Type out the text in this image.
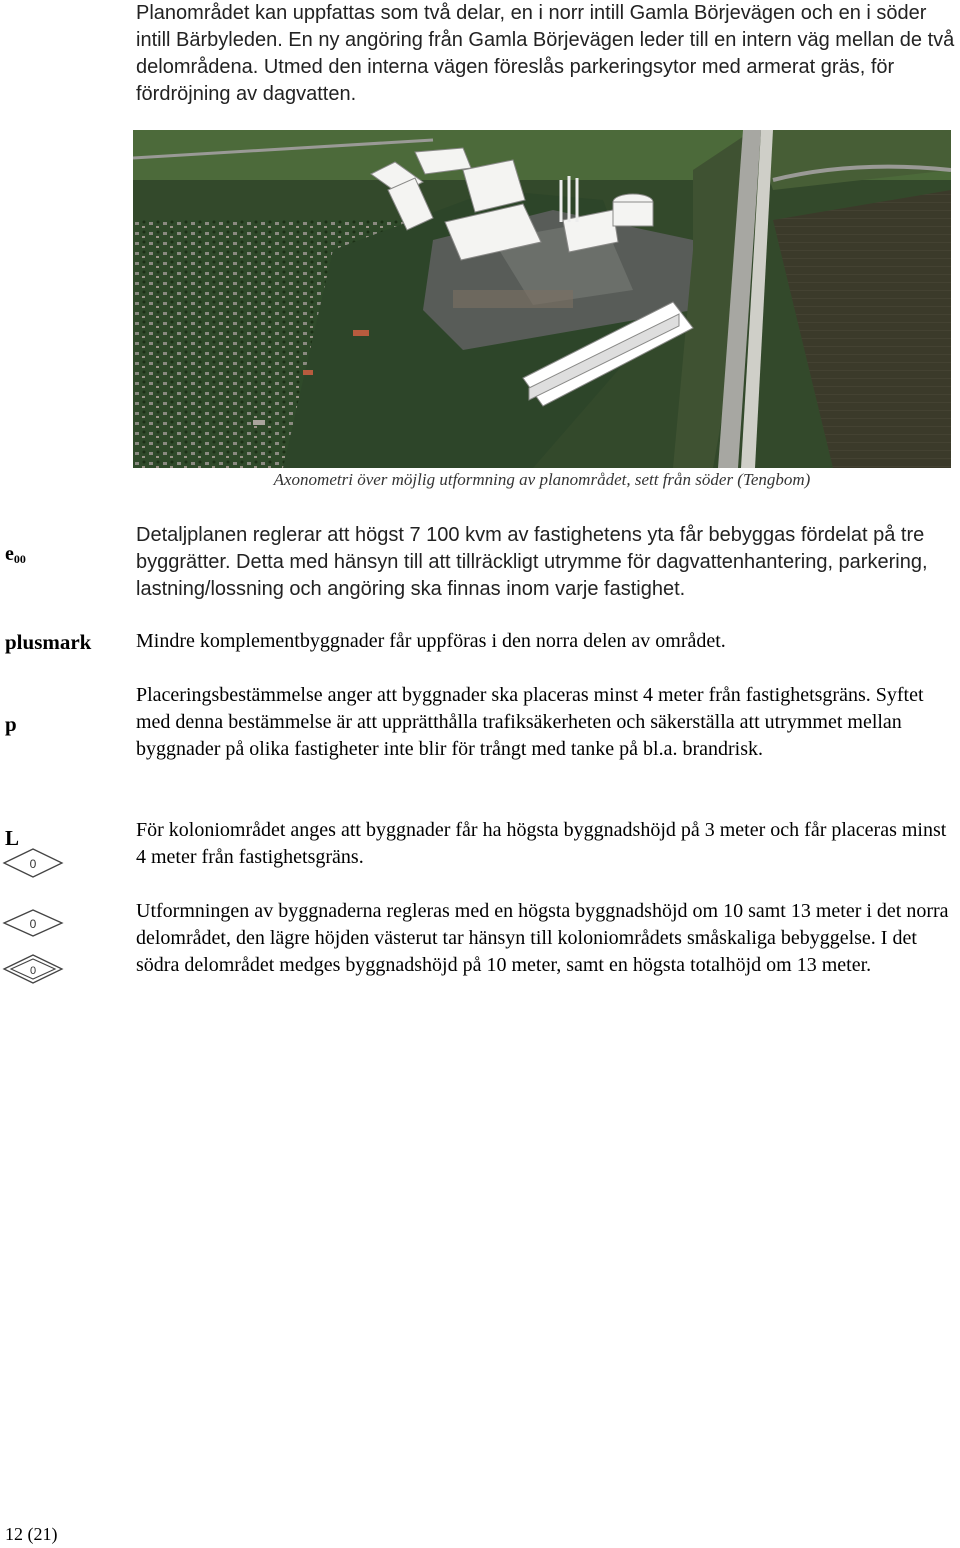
Planområdet kan uppfattas som två delar, en i norr intill Gamla Börjevägen och en i söder intill Bärbyleden. En ny angöring från Gamla Börjevägen leder till en intern väg mellan de två delområdena. Utmed den interna vägen föreslås parkeringsytor med armerat gräs, för fördröjning av dagvatten.

Axonometri över möjlig utformning av planområdet, sett från söder (Tengbom)

$e_{00}$

plusmark

p

L

0
0
0

Detaljplanen reglerar att högst 7 100 kvm av fastighetens yta får bebyggas fördelat på tre byggrätter. Detta med hänsyn till att tillräckligt utrymme för dagvattenhantering, parkering, lastning/lossning och angöring ska finnas inom varje fastighet.

Mindre komplementbyggnader får uppföras i den norra delen av området.

Placeringsbestämmelse anger att byggnader ska placeras minst 4 meter från fastighetsgräns. Syftet med denna bestämmelse är att upprätthålla trafiksäkerheten och säkerställa att utrymmet mellan byggnader på olika fastigheter inte blir för trångt med tanke på bl.a. brandrisk.

För koloniområdet anges att byggnader får ha högsta byggnadshöjd på 3 meter och får placeras minst 4 meter från fastighetsgräns.

Utformningen av byggnaderna regleras med en högsta byggnadshöjd om 10 samt 13 meter i det norra delområdet, den lägre höjden västerut tar hänsyn till koloniområdets småskaliga bebyggelse. I det södra delområdet medges byggnadshöjd på 10 meter, samt en högsta totalhöjd om 13 meter.

12 (21)
